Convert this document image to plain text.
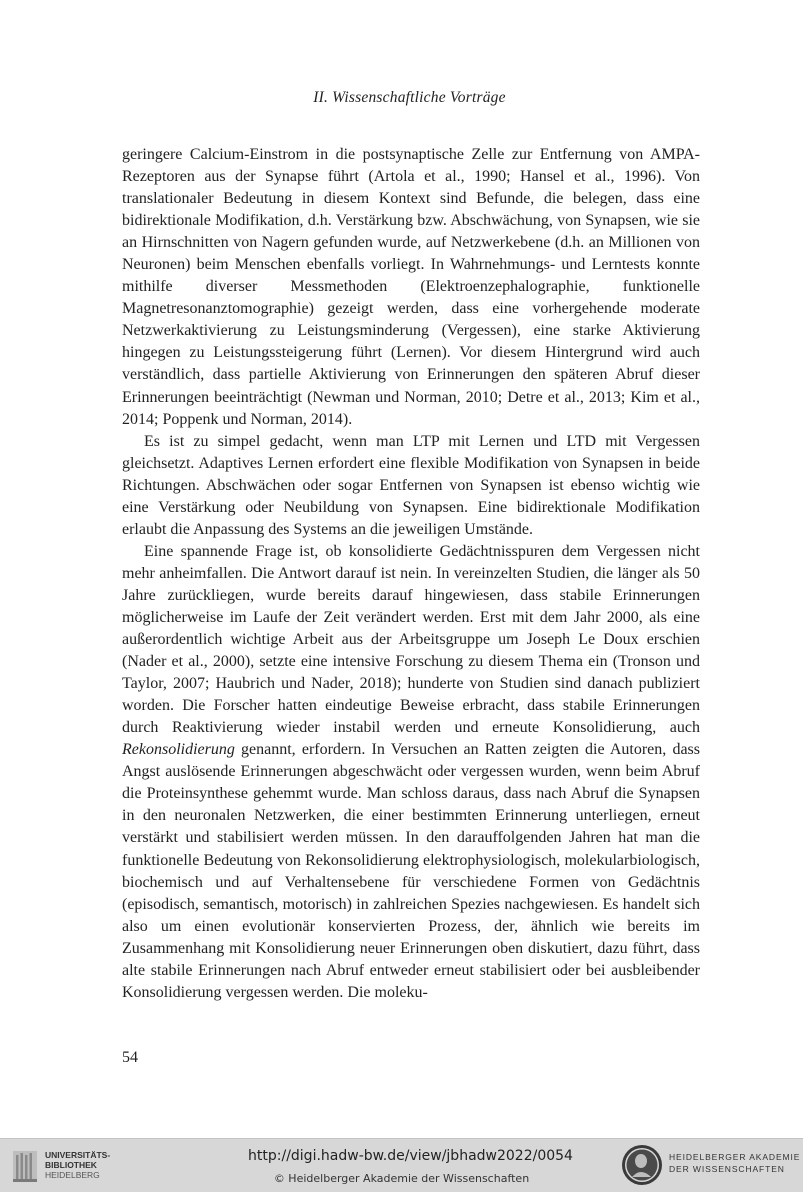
II. Wissenschaftliche Vorträge

geringere Calcium-Einstrom in die postsynaptische Zelle zur Entfernung von AMPA-Rezeptoren aus der Synapse führt (Artola et al., 1990; Hansel et al., 1996). Von translationaler Bedeutung in diesem Kontext sind Befunde, die belegen, dass eine bidirektionale Modifikation, d.h. Verstärkung bzw. Abschwächung, von Synapsen, wie sie an Hirnschnitten von Nagern gefunden wurde, auf Netzwerkebene (d.h. an Millionen von Neuronen) beim Menschen ebenfalls vorliegt. In Wahrnehmungs- und Lerntests konnte mithilfe diverser Messmethoden (Elektroenzephalographie, funktionelle Magnetresonanztomographie) gezeigt werden, dass eine vorhergehende moderate Netzwerkaktivierung zu Leistungsminderung (Vergessen), eine starke Aktivierung hingegen zu Leistungssteigerung führt (Lernen). Vor diesem Hintergrund wird auch verständlich, dass partielle Aktivierung von Erinnerungen den späteren Abruf dieser Erinnerungen beeinträchtigt (Newman und Norman, 2010; Detre et al., 2013; Kim et al., 2014; Poppenk und Norman, 2014).

Es ist zu simpel gedacht, wenn man LTP mit Lernen und LTD mit Vergessen gleichsetzt. Adaptives Lernen erfordert eine flexible Modifikation von Synapsen in beide Richtungen. Abschwächen oder sogar Entfernen von Synapsen ist ebenso wichtig wie eine Verstärkung oder Neubildung von Synapsen. Eine bidirektionale Modifikation erlaubt die Anpassung des Systems an die jeweiligen Umstände.

Eine spannende Frage ist, ob konsolidierte Gedächtnisspuren dem Vergessen nicht mehr anheimfallen. Die Antwort darauf ist nein. In vereinzelten Studien, die länger als 50 Jahre zurückliegen, wurde bereits darauf hingewiesen, dass stabile Erinnerungen möglicherweise im Laufe der Zeit verändert werden. Erst mit dem Jahr 2000, als eine außerordentlich wichtige Arbeit aus der Arbeitsgruppe um Joseph Le Doux erschien (Nader et al., 2000), setzte eine intensive Forschung zu diesem Thema ein (Tronson und Taylor, 2007; Haubrich und Nader, 2018); hunderte von Studien sind danach publiziert worden. Die Forscher hatten eindeutige Beweise erbracht, dass stabile Erinnerungen durch Reaktivierung wieder instabil werden und erneute Konsolidierung, auch Rekonsolidierung genannt, erfordern. In Versuchen an Ratten zeigten die Autoren, dass Angst auslösende Erinnerungen abgeschwächt oder vergessen wurden, wenn beim Abruf die Proteinsynthese gehemmt wurde. Man schloss daraus, dass nach Abruf die Synapsen in den neuronalen Netzwerken, die einer bestimmten Erinnerung unterliegen, erneut verstärkt und stabilisiert werden müssen. In den darauffolgenden Jahren hat man die funktionelle Bedeutung von Rekonsolidierung elektrophysiologisch, molekularbiologisch, biochemisch und auf Verhaltensebene für verschiedene Formen von Gedächtnis (episodisch, semantisch, motorisch) in zahlreichen Spezies nachgewiesen. Es handelt sich also um einen evolutionär konservierten Prozess, der, ähnlich wie bereits im Zusammenhang mit Konsolidierung neuer Erinnerungen oben diskutiert, dazu führt, dass alte stabile Erinnerungen nach Abruf entweder erneut stabilisiert oder bei ausbleibender Konsolidierung vergessen werden. Die moleku-

54
UNIVERSITÄTS-
BIBLIOTHEK
HEIDELBERG
http://digi.hadw-bw.de/view/jbhadw2022/0054
© Heidelberger Akademie der Wissenschaften
HEIDELBERGER AKADEMIE
DER WISSENSCHAFTEN
